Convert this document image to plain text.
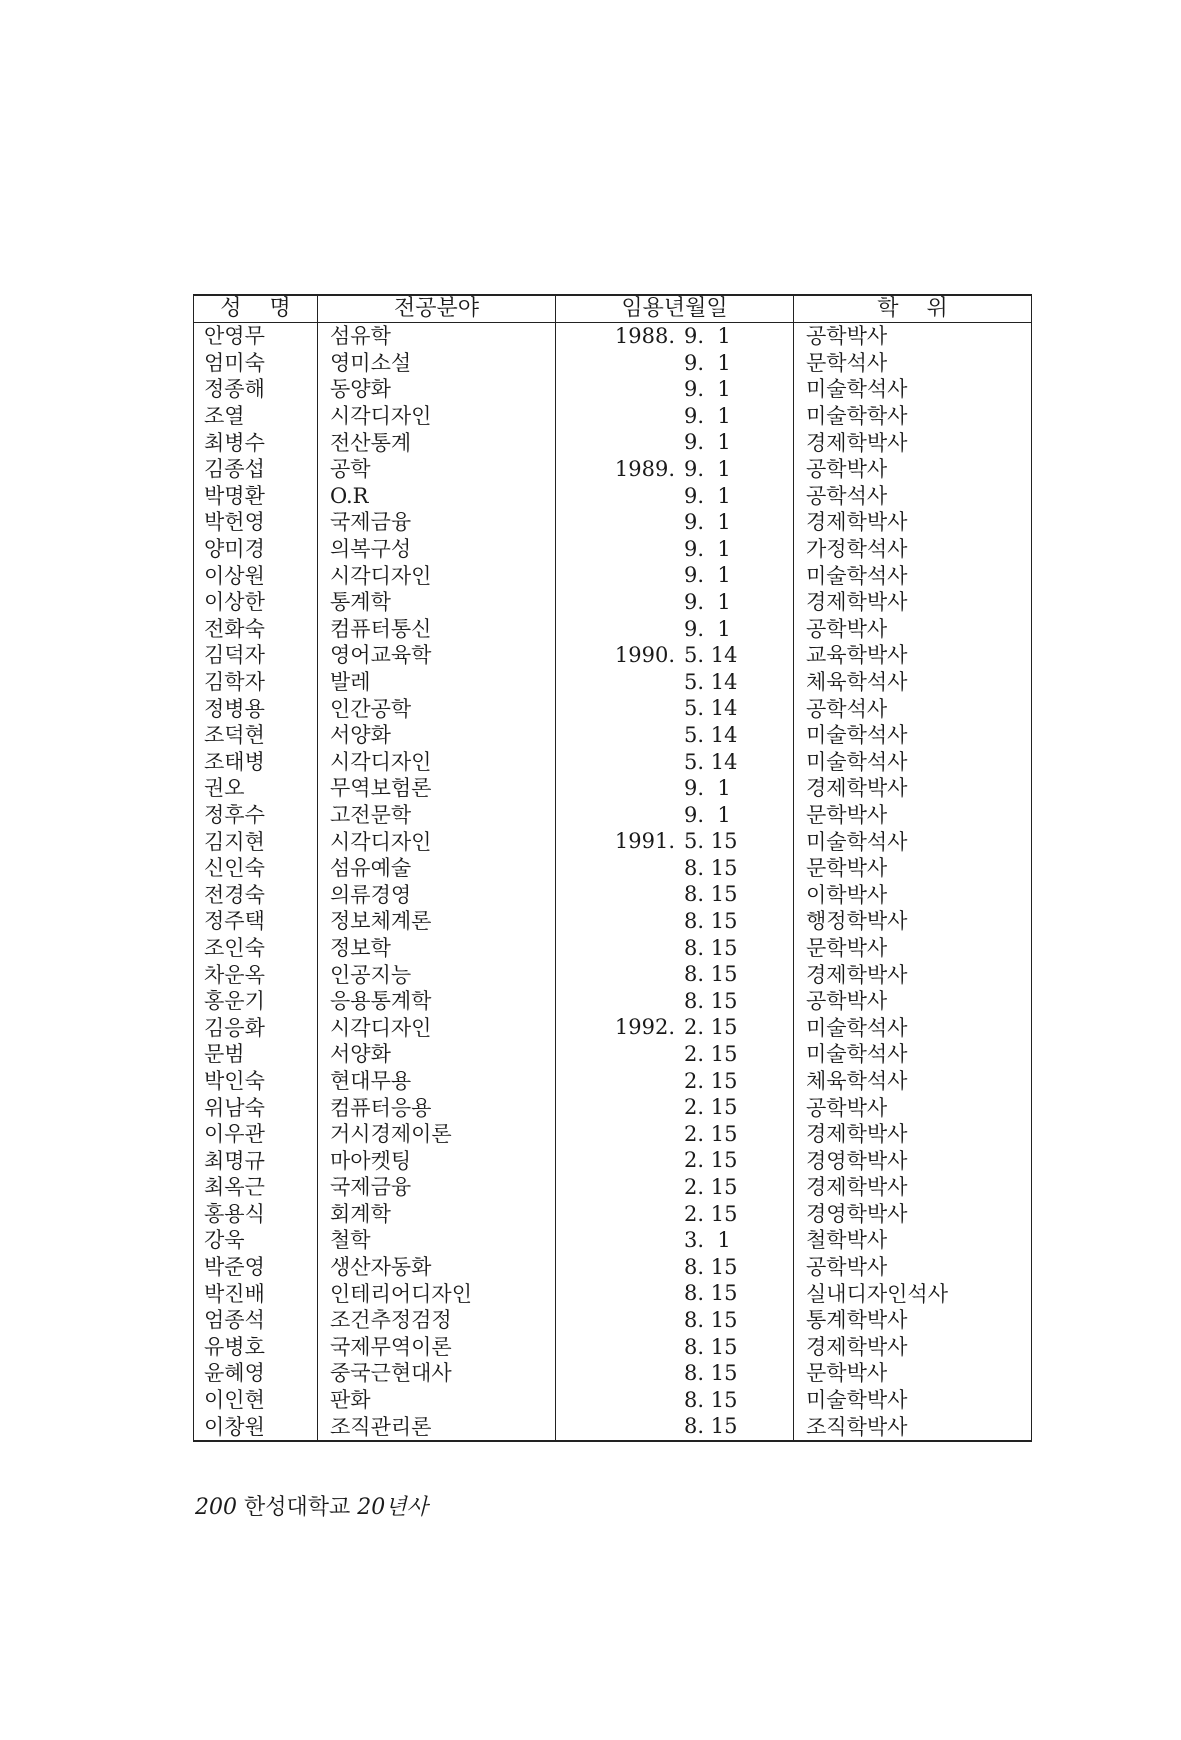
성    명	전공분야	임용년월일	학    위
안영무	섬유학	1988. 9.  1	공학박사
엄미숙	영미소설	9.  1	문학석사
정종해	동양화	9.  1	미술학석사
조열	시각디자인	9.  1	미술학학사
최병수	전산통계	9.  1	경제학박사
김종섭	공학	1989. 9.  1	공학박사
박명환	O.R	9.  1	공학석사
박헌영	국제금융	9.  1	경제학박사
양미경	의복구성	9.  1	가정학석사
이상원	시각디자인	9.  1	미술학석사
이상한	통계학	9.  1	경제학박사
전화숙	컴퓨터통신	9.  1	공학박사
김덕자	영어교육학	1990. 5. 14	교육학박사
김학자	발레	5. 14	체육학석사
정병용	인간공학	5. 14	공학석사
조덕현	서양화	5. 14	미술학석사
조태병	시각디자인	5. 14	미술학석사
권오	무역보험론	9.  1	경제학박사
정후수	고전문학	9.  1	문학박사
김지현	시각디자인	1991. 5. 15	미술학석사
신인숙	섬유예술	8. 15	문학박사
전경숙	의류경영	8. 15	이학박사
정주택	정보체계론	8. 15	행정학박사
조인숙	정보학	8. 15	문학박사
차운옥	인공지능	8. 15	경제학박사
홍운기	응용통계학	8. 15	공학박사
김응화	시각디자인	1992. 2. 15	미술학석사
문범	서양화	2. 15	미술학석사
박인숙	현대무용	2. 15	체육학석사
위남숙	컴퓨터응용	2. 15	공학박사
이우관	거시경제이론	2. 15	경제학박사
최명규	마아켓팅	2. 15	경영학박사
최옥근	국제금융	2. 15	경제학박사
홍용식	회계학	2. 15	경영학박사
강욱	철학	3.  1	철학박사
박준영	생산자동화	8. 15	공학박사
박진배	인테리어디자인	8. 15	실내디자인석사
엄종석	조건추정검정	8. 15	통계학박사
유병호	국제무역이론	8. 15	경제학박사
윤혜영	중국근현대사	8. 15	문학박사
이인현	판화	8. 15	미술학박사
이창원	조직관리론	8. 15	조직학박사
200 한성대학교 20년사
